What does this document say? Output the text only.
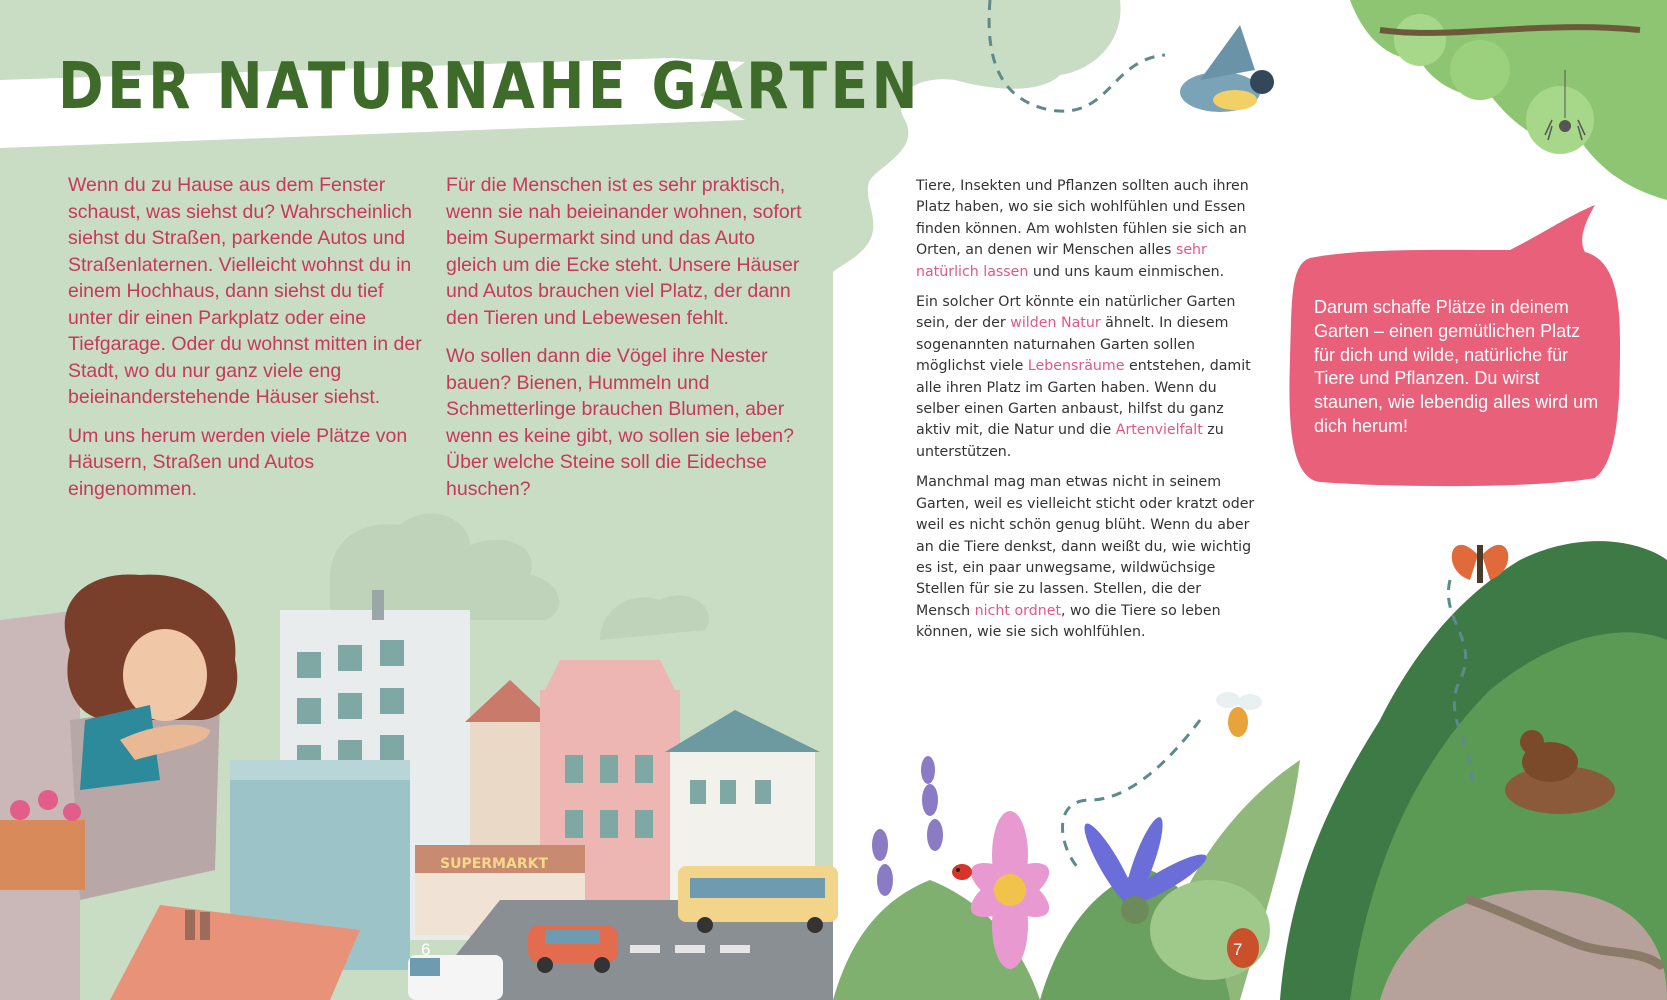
SUPERMARKT
DER NATURNAHE GARTEN

Wenn du zu Hause aus dem Fenster schaust, was siehst du? Wahrscheinlich siehst du Straßen, parkende Autos und Straßenlaternen. Vielleicht wohnst du in einem Hochhaus, dann siehst du tief unter dir einen Parkplatz oder eine Tiefgarage. Oder du wohnst mitten in der Stadt, wo du nur ganz viele eng beieinanderstehende Häuser siehst.

Um uns herum werden viele Plätze von Häusern, Straßen und Autos eingenommen.

Für die Menschen ist es sehr praktisch, wenn sie nah beieinander wohnen, sofort beim Supermarkt sind und das Auto gleich um die Ecke steht. Unsere Häuser und Autos brauchen viel Platz, der dann den Tieren und Lebewesen fehlt.

Wo sollen dann die Vögel ihre Nester bauen? Bienen, Hummeln und Schmetterlinge brauchen Blumen, aber wenn es keine gibt, wo sollen sie leben? Über welche Steine soll die Eidechse huschen?

Tiere, Insekten und Pflanzen sollten auch ihren Platz haben, wo sie sich wohlfühlen und Essen finden können. Am wohlsten fühlen sie sich an Orten, an denen wir Menschen alles sehr natürlich lassen und uns kaum einmischen.

Ein solcher Ort könnte ein natürlicher Garten sein, der der wilden Natur ähnelt. In diesem sogenannten naturnahen Garten sollen möglichst viele Lebensräume entstehen, damit alle ihren Platz im Garten haben. Wenn du selber einen Garten anbaust, hilfst du ganz aktiv mit, die Natur und die Artenvielfalt zu unterstützen.

Manchmal mag man etwas nicht in seinem Garten, weil es vielleicht sticht oder kratzt oder weil es nicht schön genug blüht. Wenn du aber an die Tiere denkst, dann weißt du, wie wichtig es ist, ein paar unwegsame, wildwüchsige Stellen für sie zu lassen. Stellen, die der Mensch nicht ordnet, wo die Tiere so leben können, wie sie sich wohlfühlen.

Darum schaffe Plätze in deinem Garten – einen gemütlichen Platz für dich und wilde, natürliche für Tiere und Pflanzen. Du wirst staunen, wie lebendig alles wird um dich herum!
6	7
